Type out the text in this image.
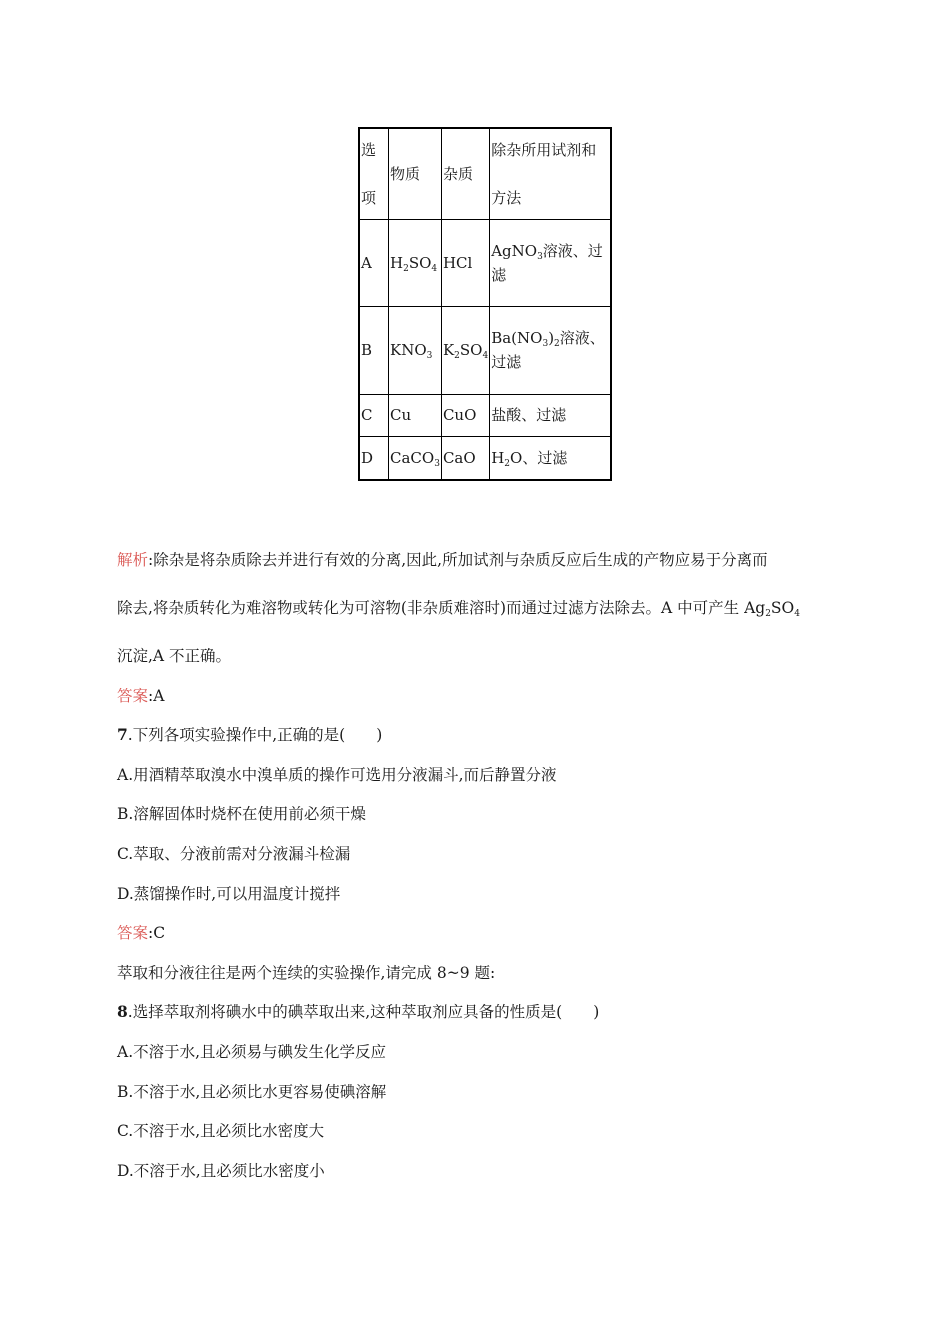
选
项	物质	杂质	除杂所用试剂和
方法

A	$H_2SO_4$	HCl	AgNO$_3$溶液、过
滤
B	$KNO_3$	$K_2SO_4$	$Ba(NO_3)_2$溶液、
过滤
C	Cu	CuO	盐酸、过滤
D	CaCO$_3$	CaO	$H_2O$、过滤
解析:除杂是将杂质除去并进行有效的分离,因此,所加试剂与杂质反应后生成的产物应易于分离而
除去,将杂质转化为难溶物或转化为可溶物(非杂质难溶时)而通过过滤方法除去。A 中可产生 $Ag_2SO_4$
沉淀,A 不正确。
答案:A
7.下列各项实验操作中,正确的是(　　)
A.用酒精萃取溴水中溴单质的操作可选用分液漏斗,而后静置分液
B.溶解固体时烧杯在使用前必须干燥
C.萃取、分液前需对分液漏斗检漏
D.蒸馏操作时,可以用温度计搅拌
答案:C
萃取和分液往往是两个连续的实验操作,请完成 8~9 题:
8.选择萃取剂将碘水中的碘萃取出来,这种萃取剂应具备的性质是(　　)
A.不溶于水,且必须易与碘发生化学反应
B.不溶于水,且必须比水更容易使碘溶解
C.不溶于水,且必须比水密度大
D.不溶于水,且必须比水密度小
